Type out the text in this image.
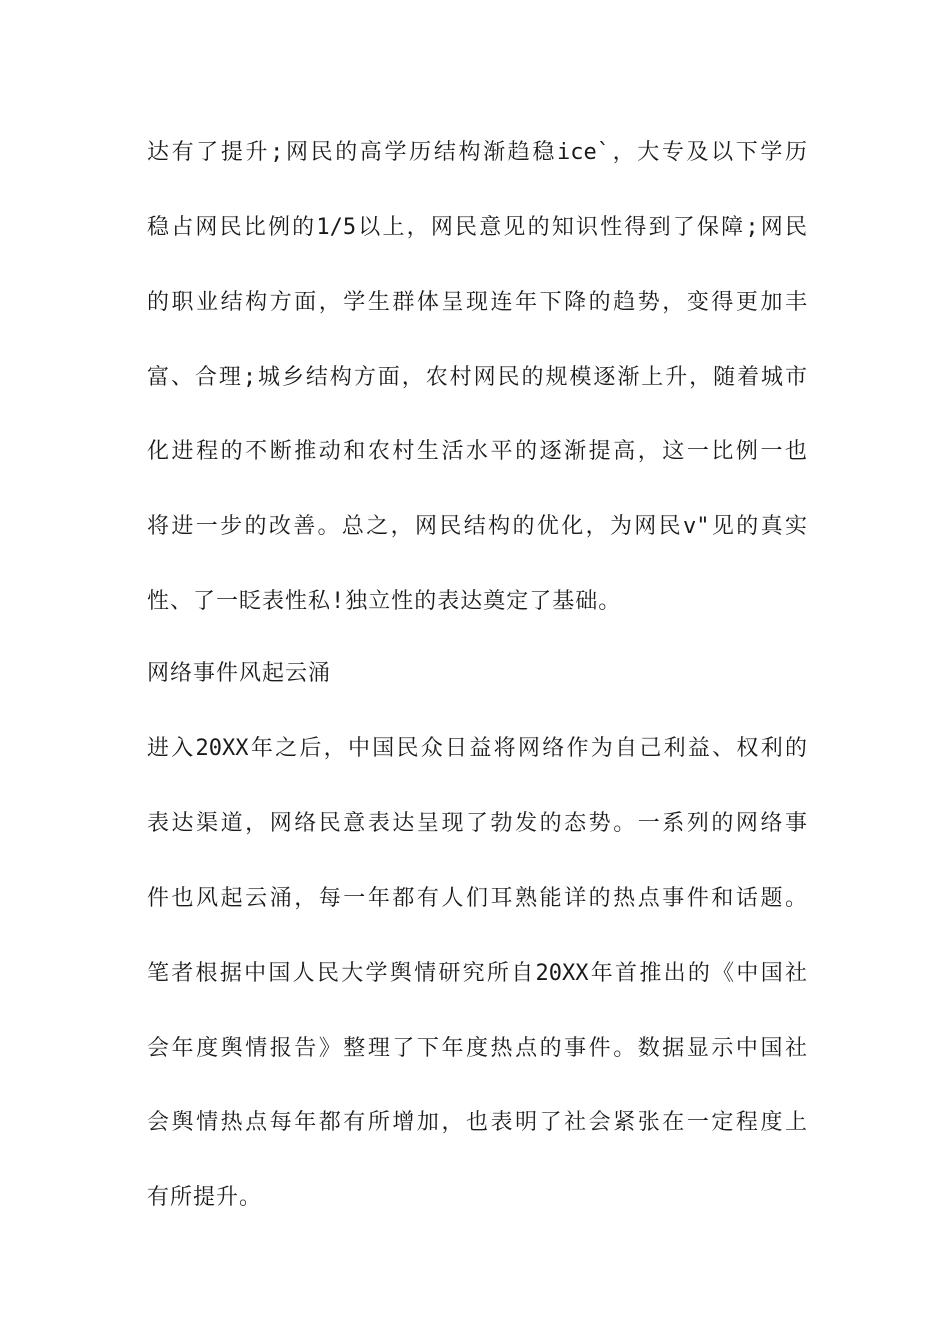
达有了提升;网民的高学历结构渐趋稳ice`，大专及以下学历
稳占网民比例的1/5以上，网民意见的知识性得到了保障;网民
的职业结构方面，学生群体呈现连年下降的趋势，变得更加丰
富、合理;城乡结构方面，农村网民的规模逐渐上升，随着城市
化进程的不断推动和农村生活水平的逐渐提高，这一比例一也
将进一步的改善。总之，网民结构的优化，为网民v"见的真实
性、了一眨表性私!独立性的表达奠定了基础。
网络事件风起云涌
进入20XX年之后，中国民众日益将网络作为自己利益、权利的
表达渠道，网络民意表达呈现了勃发的态势。一系列的网络事
件也风起云涌，每一年都有人们耳熟能详的热点事件和话题。
笔者根据中国人民大学舆情研究所自20XX年首推出的《中国社
会年度舆情报告》整理了下年度热点的事件。数据显示中国社
会舆情热点每年都有所增加，也表明了社会紧张在一定程度上
有所提升。
